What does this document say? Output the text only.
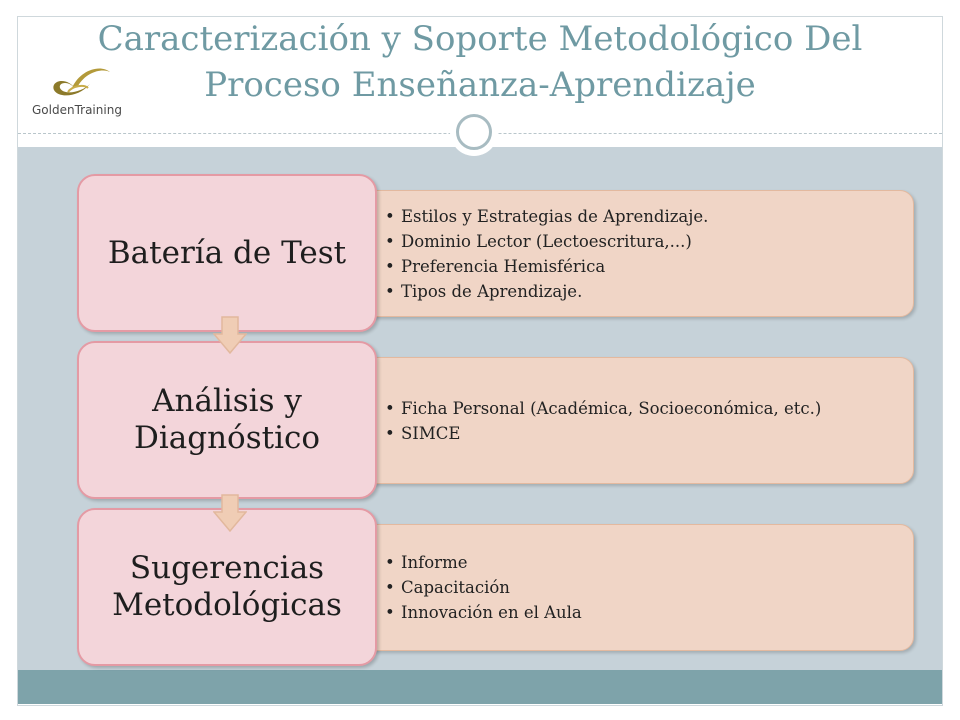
Caracterización y Soporte Metodológico Del Proceso Enseñanza-Aprendizaje
GoldenTraining
• Estilos y Estrategias de Aprendizaje.
• Dominio Lector (Lectoescritura,...)
• Preferencia Hemisférica
• Tipos de Aprendizaje.
Batería de Test
• Ficha Personal (Académica, Socioeconómica, etc.)
• SIMCE
Análisis y Diagnóstico
• Informe
• Capacitación
• Innovación en el Aula
Sugerencias Metodológicas
